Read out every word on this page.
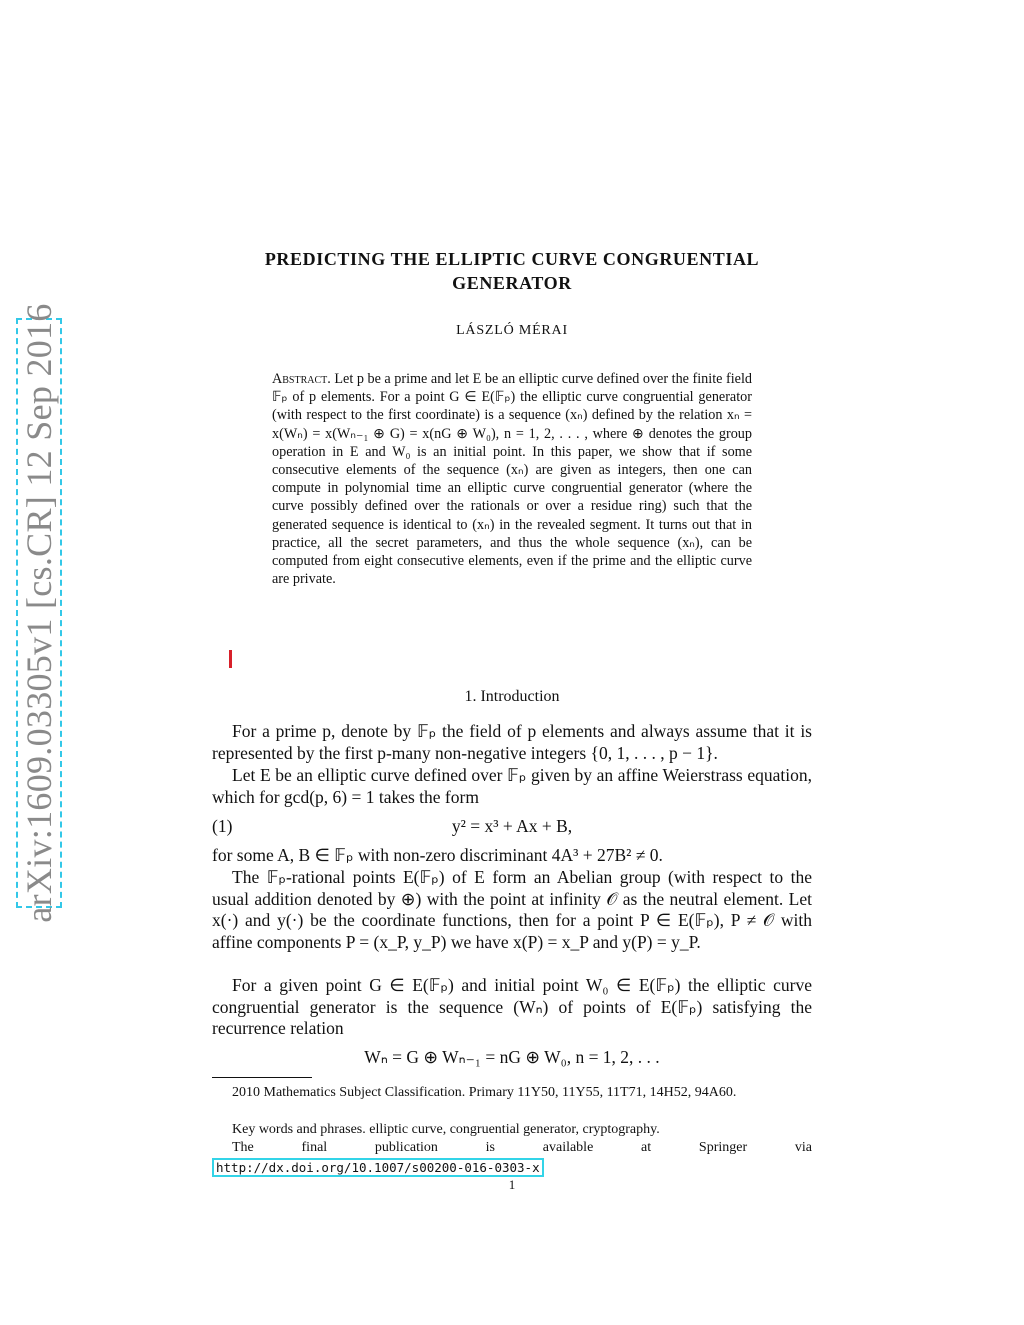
arXiv:1609.03305v1 [cs.CR] 12 Sep 2016
PREDICTING THE ELLIPTIC CURVE CONGRUENTIAL
GENERATOR
LÁSZLÓ MÉRAI
Abstract. Let p be a prime and let E be an elliptic curve defined over the finite field 𝔽ₚ of p elements. For a point G ∈ E(𝔽ₚ) the elliptic curve congruential generator (with respect to the first coordinate) is a sequence (xₙ) defined by the relation xₙ = x(Wₙ) = x(Wₙ₋₁ ⊕ G) = x(nG ⊕ W₀), n = 1, 2, . . . , where ⊕ denotes the group operation in E and W₀ is an initial point. In this paper, we show that if some consecutive elements of the sequence (xₙ) are given as integers, then one can compute in polynomial time an elliptic curve congruential generator (where the curve possibly defined over the rationals or over a residue ring) such that the generated sequence is identical to (xₙ) in the revealed segment. It turns out that in practice, all the secret parameters, and thus the whole sequence (xₙ), can be computed from eight consecutive elements, even if the prime and the elliptic curve are private.
1. Introduction
For a prime p, denote by 𝔽ₚ the field of p elements and always assume that it is represented by the first p-many non-negative integers {0, 1, . . . , p − 1}.
Let E be an elliptic curve defined over 𝔽ₚ given by an affine Weierstrass equation, which for gcd(p, 6) = 1 takes the form
y² = x³ + Ax + B,
(1)
for some A, B ∈ 𝔽ₚ with non-zero discriminant 4A³ + 27B² ≠ 0.
The 𝔽ₚ-rational points E(𝔽ₚ) of E form an Abelian group (with respect to the usual addition denoted by ⊕) with the point at infinity 𝒪 as the neutral element. Let x(·) and y(·) be the coordinate functions, then for a point P ∈ E(𝔽ₚ), P ≠ 𝒪 with affine components P = (x_P, y_P) we have x(P) = x_P and y(P) = y_P.
For a given point G ∈ E(𝔽ₚ) and initial point W₀ ∈ E(𝔽ₚ) the elliptic curve congruential generator is the sequence (Wₙ) of points of E(𝔽ₚ) satisfying the recurrence relation
Wₙ = G ⊕ Wₙ₋₁ = nG ⊕ W₀, n = 1, 2, . . .
2010 Mathematics Subject Classification. Primary 11Y50, 11Y55, 11T71, 14H52, 94A60.
Key words and phrases. elliptic curve, congruential generator, cryptography.
The	final	publication	is	available	at	Springer	via
http://dx.doi.org/10.1007/s00200-016-0303-x
1
